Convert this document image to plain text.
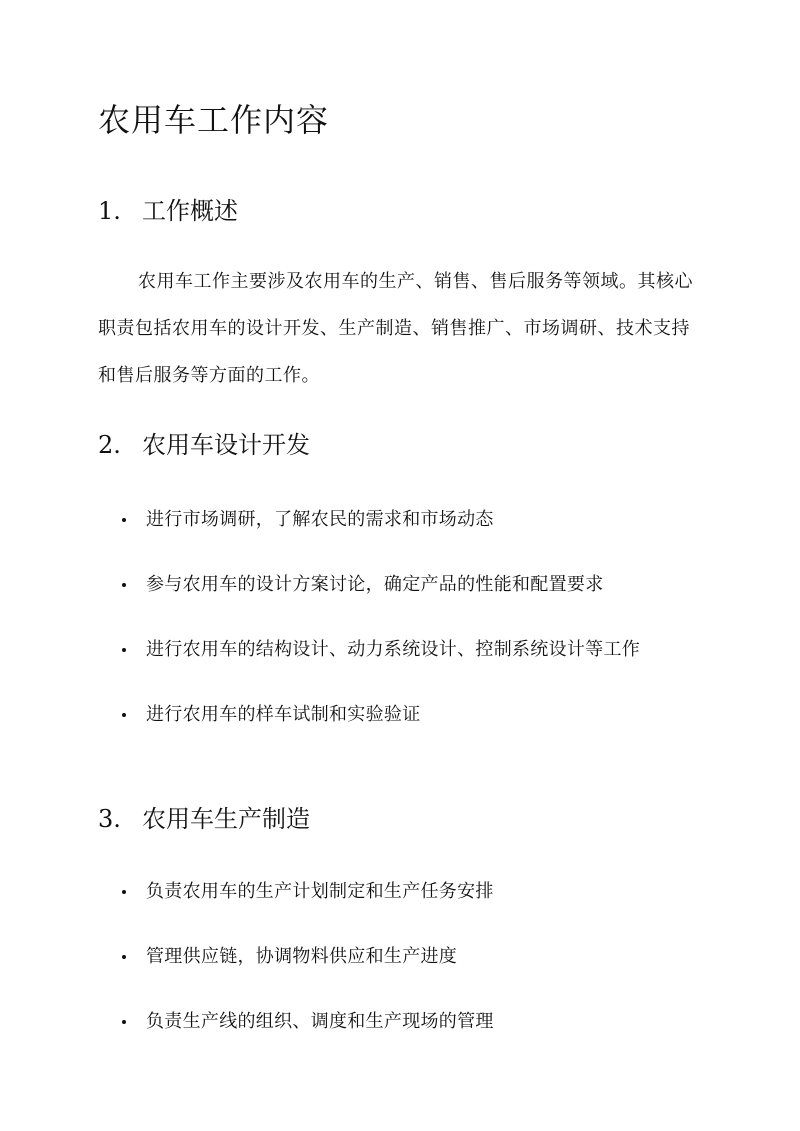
农用车工作内容
1. 工作概述

农用车工作主要涉及农用车的生产、销售、售后服务等领域。其核心职责包括农用车的设计开发、生产制造、销售推广、市场调研、技术支持和售后服务等方面的工作。

2. 农用车设计开发
进行市场调研，了解农民的需求和市场动态
参与农用车的设计方案讨论，确定产品的性能和配置要求
进行农用车的结构设计、动力系统设计、控制系统设计等工作
进行农用车的样车试制和实验验证
3. 农用车生产制造
负责农用车的生产计划制定和生产任务安排
管理供应链，协调物料供应和生产进度
负责生产线的组织、调度和生产现场的管理
